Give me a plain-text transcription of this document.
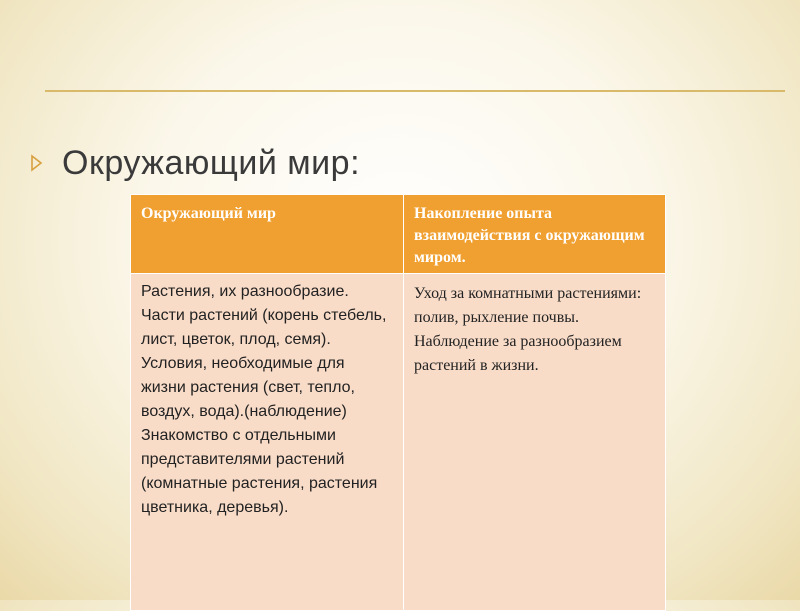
Окружающий мир:
Окружающий мир	Накопление опыта взаимодействия с окружающим миром.
Растения, их разнообразие. Части растений (корень стебель, лист, цветок, плод, семя). Условия, необходимые для жизни растения (свет, тепло, воздух, вода).(наблюдение) Знакомство с отдельными представителями растений (комнатные растения, растения цветника, деревья).	Уход за комнатными растениями: полив, рыхление почвы. Наблюдение за разнообразием растений в жизни.
